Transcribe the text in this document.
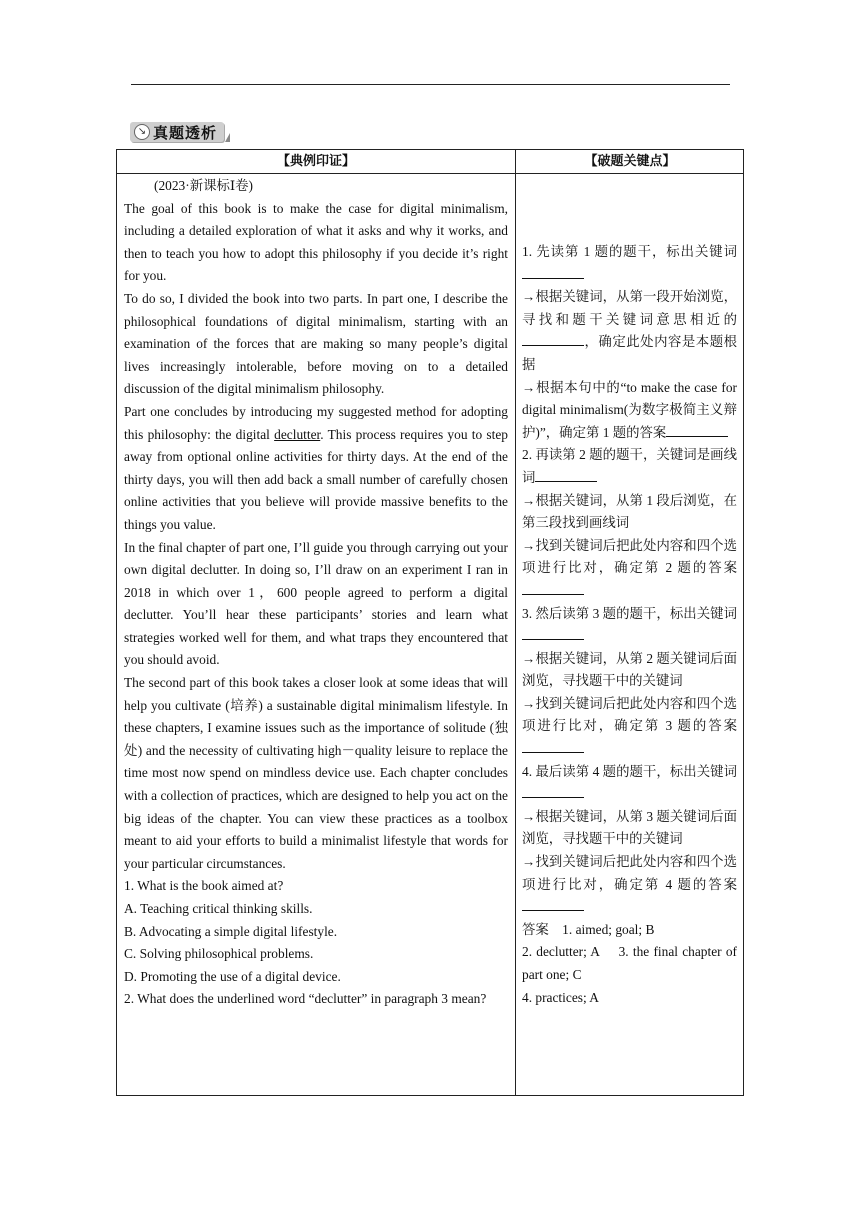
↘ 真题透析
【典例印证】	【破题关键点】

(2023·新课标Ⅰ卷)

The goal of this book is to make the case for digital minimalism, including a detailed exploration of what it asks and why it works, and then to teach you how to adopt this philosophy if you decide it’s right for you.

To do so, I divided the book into two parts. In part one, I describe the philosophical foundations of digital minimalism, starting with an examination of the forces that are making so many people’s digital lives increasingly intolerable, before moving on to a detailed discussion of the digital minimalism philosophy.

Part one concludes by introducing my suggested method for adopting this philosophy: the digital declutter. This process requires you to step away from optional online activities for thirty days. At the end of the thirty days, you will then add back a small number of carefully chosen online activities that you believe will provide massive benefits to the things you value.

In the final chapter of part one, I’ll guide you through carrying out your own digital declutter. In doing so, I’ll draw on an experiment I ran in 2018 in which over 1，600 people agreed to perform a digital declutter. You’ll hear these participants’ stories and learn what strategies worked well for them, and what traps they encountered that you should avoid.

The second part of this book takes a closer look at some ideas that will help you cultivate (培养) a sustainable digital minimalism lifestyle. In these chapters, I examine issues such as the importance of solitude (独处) and the necessity of cultivating high－quality leisure to replace the time most now spend on mindless device use. Each chapter concludes with a collection of practices, which are designed to help you act on the big ideas of the chapter. You can view these practices as a toolbox meant to aid your efforts to build a minimalist lifestyle that words for your particular circumstances.

1. What is the book aimed at?

A. Teaching critical thinking skills.

B. Advocating a simple digital lifestyle.

C. Solving philosophical problems.

D. Promoting the use of a digital device.

2. What does the underlined word “declutter” in paragraph 3 mean?

1. 先读第 1 题的题干，标出关键词

→根据关键词，从第一段开始浏览，寻找和题干关键词意思相近的，确定此处内容是本题根据

→根据本句中的“to make the case for digital minimalism(为数字极简主义辩护)”，确定第 1 题的答案

2. 再读第 2 题的题干，关键词是画线词

→根据关键词，从第 1 段后浏览，在第三段找到画线词

→找到关键词后把此处内容和四个选项进行比对，确定第 2 题的答案

3. 然后读第 3 题的题干，标出关键词

→根据关键词，从第 2 题关键词后面浏览，寻找题干中的关键词

→找到关键词后把此处内容和四个选项进行比对，确定第 3 题的答案

4. 最后读第 4 题的题干，标出关键词

→根据关键词，从第 3 题关键词后面浏览，寻找题干中的关键词

→找到关键词后把此处内容和四个选项进行比对，确定第 4 题的答案

答案 1. aimed; goal; B

2. declutter; A　 3. the final chapter of part one; C

4. practices; A
